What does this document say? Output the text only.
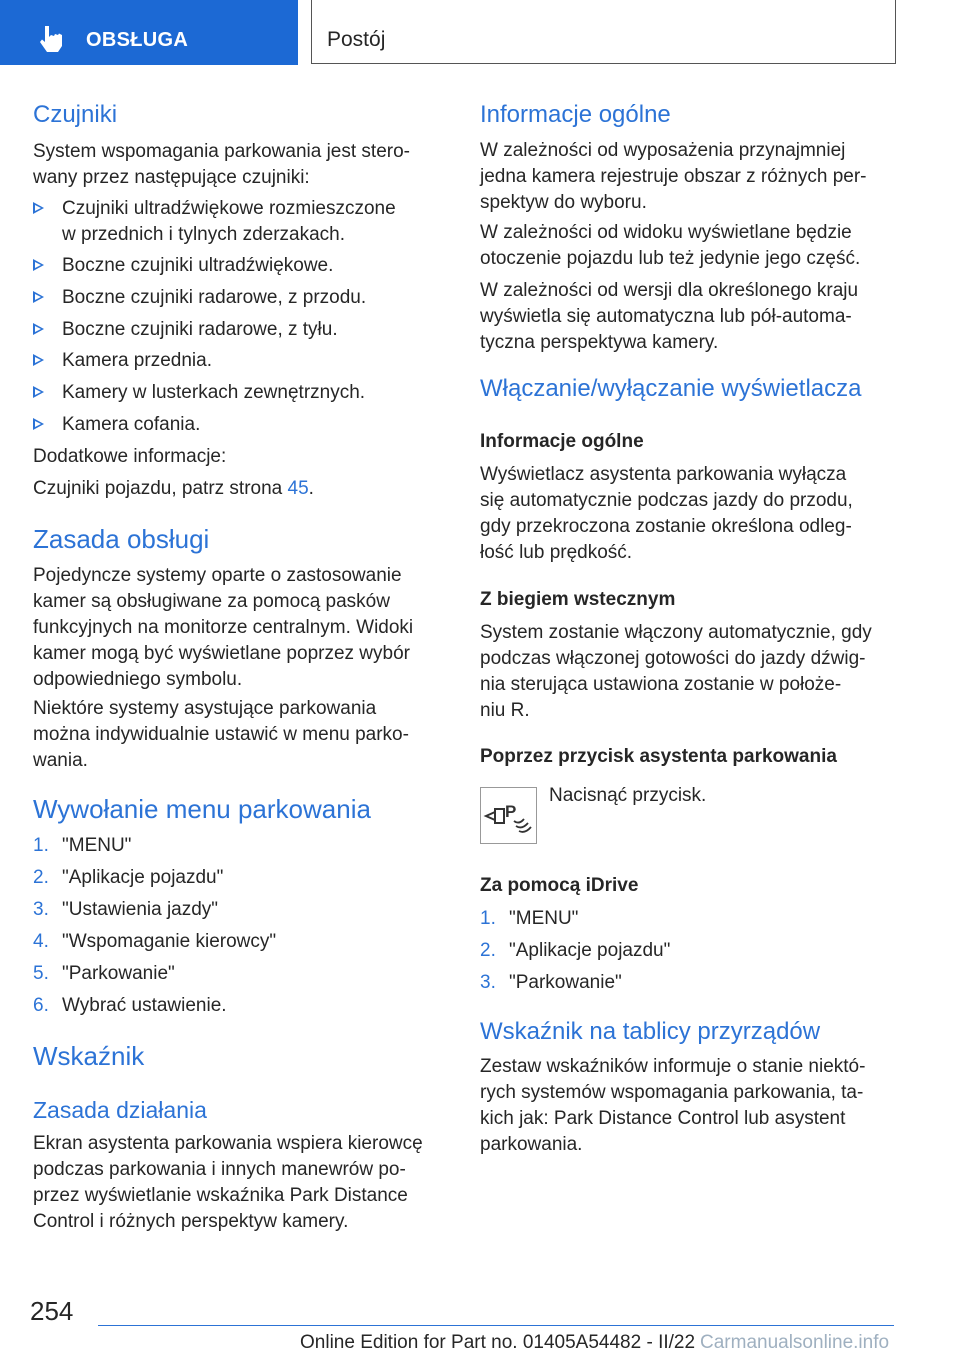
OBSŁUGA	Postój
Czujniki

System wspomagania parkowania jest stero-
wany przez następujące czujniki:

Czujniki ultradźwiękowe rozmieszczone
w przednich i tylnych zderzakach.
Boczne czujniki ultradźwiękowe.
Boczne czujniki radarowe, z przodu.
Boczne czujniki radarowe, z tyłu.
Kamera przednia.
Kamery w lusterkach zewnętrznych.
Kamera cofania.

Dodatkowe informacje:

Czujniki pojazdu, patrz strona 45.

Zasada obsługi

Pojedyncze systemy oparte o zastosowanie
kamer są obsługiwane za pomocą pasków
funkcyjnych na monitorze centralnym. Widoki
kamer mogą być wyświetlane poprzez wybór
odpowiedniego symbolu.

Niektóre systemy asystujące parkowania
można indywidualnie ustawić w menu parko-
wania.

Wywołanie menu parkowania
1. "MENU"
2. "Aplikacje pojazdu"
3. "Ustawienia jazdy"
4. "Wspomaganie kierowcy"
5. "Parkowanie"
6. Wybrać ustawienie.
Wskaźnik
Zasada działania

Ekran asystenta parkowania wspiera kierowcę
podczas parkowania i innych manewrów po-
przez wyświetlanie wskaźnika Park Distance
Control i różnych perspektyw kamery.

Informacje ogólne

W zależności od wyposażenia przynajmniej
jedna kamera rejestruje obszar z różnych per-
spektyw do wyboru.

W zależności od widoku wyświetlane będzie
otoczenie pojazdu lub też jedynie jego część.

W zależności od wersji dla określonego kraju
wyświetla się automatyczna lub pół-automa-
tyczna perspektywa kamery.

Włączanie/wyłączanie wyświetlacza

Informacje ogólne

Wyświetlacz asystenta parkowania wyłącza
się automatycznie podczas jazdy do przodu,
gdy przekroczona zostanie określona odleg-
łość lub prędkość.

Z biegiem wstecznym

System zostanie włączony automatycznie, gdy
podczas włączonej gotowości do jazdy dźwig-
nia sterująca ustawiona zostanie w położe-
niu R.

Poprzez przycisk asystenta parkowania

Za pomocą iDrive

1. "MENU"
2. "Aplikacje pojazdu"
3. "Parkowanie"
Wskaźnik na tablicy przyrządów

Zestaw wskaźników informuje o stanie niektó-
rych systemów wspomagania parkowania, ta-
kich jak: Park Distance Control lub asystent
parkowania.

P
Nacisnąć przycisk.
254
Online Edition for Part no. 01405A54482 - II/22 Carmanualsonline.info
